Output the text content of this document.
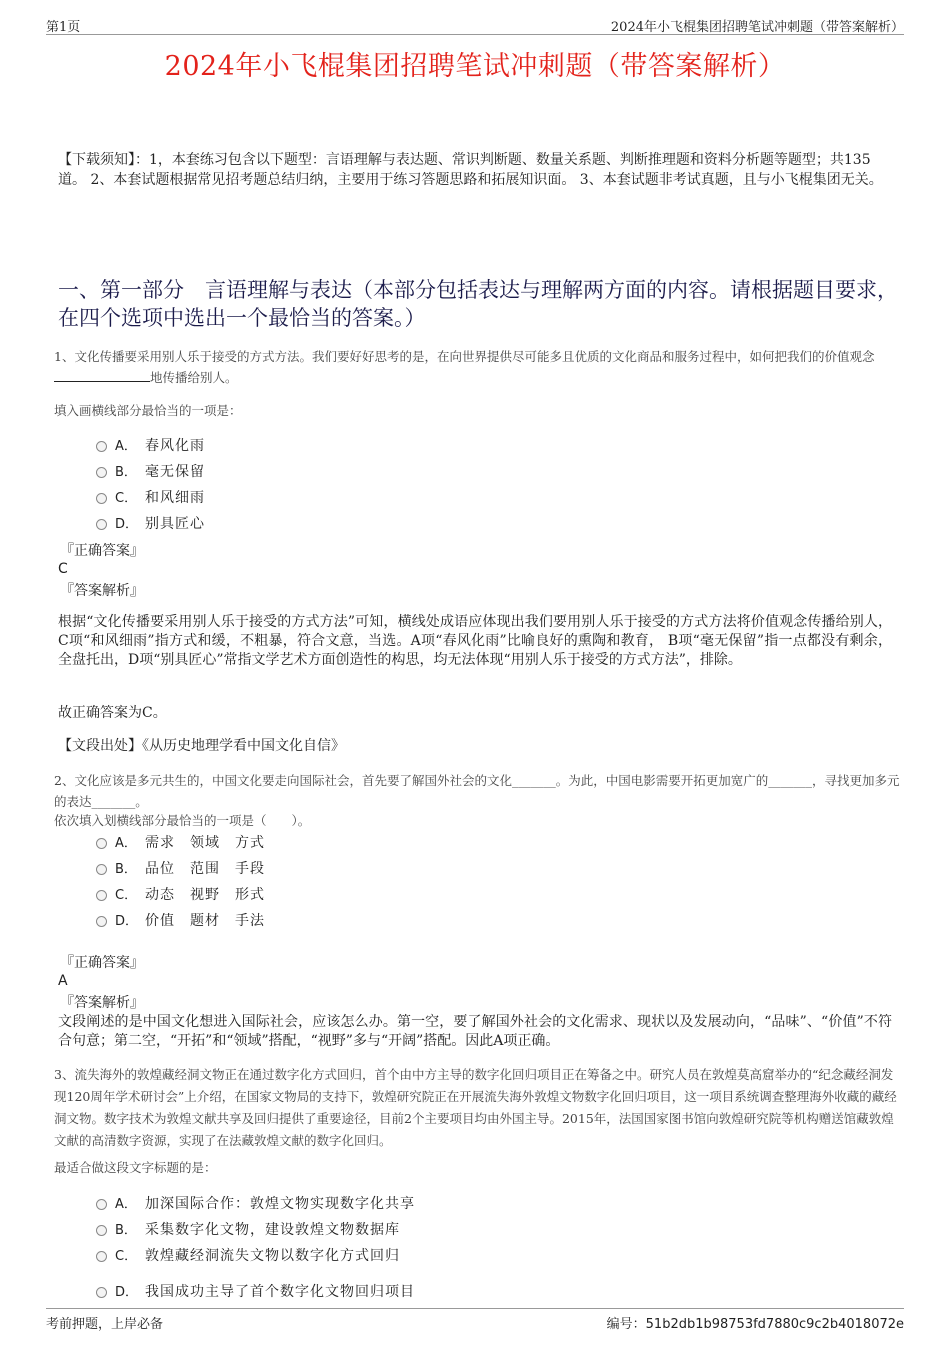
第1页	2024年小飞棍集团招聘笔试冲刺题（带答案解析）
2024年小飞棍集团招聘笔试冲刺题（带答案解析）
【下载须知】：1，本套练习包含以下题型：言语理解与表达题、常识判断题、数量关系题、判断推理题和资料分析题等题型；共135道。 2、本套试题根据常见招考题总结归纳，主要用于练习答题思路和拓展知识面。 3、本套试题非考试真题，且与小飞棍集团无关。
一、第一部分　言语理解与表达（本部分包括表达与理解两方面的内容。请根据题目要求，在四个选项中选出一个最恰当的答案。）
1、文化传播要采用别人乐于接受的方式方法。我们要好好思考的是，在向世界提供尽可能多且优质的文化商品和服务过程中，如何把我们的价值观念地传播给别人。
填入画横线部分最恰当的一项是：
A． 春风化雨
B． 毫无保留
C． 和风细雨
D． 别具匠心
『正确答案』
C
『答案解析』
根据“文化传播要采用别人乐于接受的方式方法”可知，横线处成语应体现出我们要用别人乐于接受的方式方法将价值观念传播给别人，C项“和风细雨”指方式和缓，不粗暴，符合文意，当选。A项“春风化雨”比喻良好的熏陶和教育， B项“毫无保留”指一点都没有剩余，全盘托出，D项“别具匠心”常指文学艺术方面创造性的构思，均无法体现“用别人乐于接受的方式方法”，排除。
故正确答案为C。
【文段出处】《从历史地理学看中国文化自信》
2、文化应该是多元共生的，中国文化要走向国际社会，首先要了解国外社会的文化_______。为此，中国电影需要开拓更加宽广的_______，寻找更加多元的表达_______。
依次填入划横线部分最恰当的一项是（　　）。
A． 需求　领域　方式
B． 品位　范围　手段
C． 动态　视野　形式
D． 价值　题材　手法
『正确答案』
A
『答案解析』
文段阐述的是中国文化想进入国际社会，应该怎么办。第一空，要了解国外社会的文化需求、现状以及发展动向，“品味”、“价值”不符合句意；第二空，“开拓”和“领域”搭配，“视野”多与“开阔”搭配。因此A项正确。
3、流失海外的敦煌藏经洞文物正在通过数字化方式回归，首个由中方主导的数字化回归项目正在筹备之中。研究人员在敦煌莫高窟举办的“纪念藏经洞发现120周年学术研讨会”上介绍，在国家文物局的支持下，敦煌研究院正在开展流失海外敦煌文物数字化回归项目，这一项目系统调查整理海外收藏的藏经洞文物。数字技术为敦煌文献共享及回归提供了重要途径，目前2个主要项目均由外国主导。2015年，法国国家图书馆向敦煌研究院等机构赠送馆藏敦煌文献的高清数字资源，实现了在法藏敦煌文献的数字化回归。
最适合做这段文字标题的是：
A． 加深国际合作：敦煌文物实现数字化共享
B． 采集数字化文物，建设敦煌文物数据库
C． 敦煌藏经洞流失文物以数字化方式回归
D． 我国成功主导了首个数字化文物回归项目
考前押题，上岸必备	编号：51b2db1b98753fd7880c9c2b4018072e
